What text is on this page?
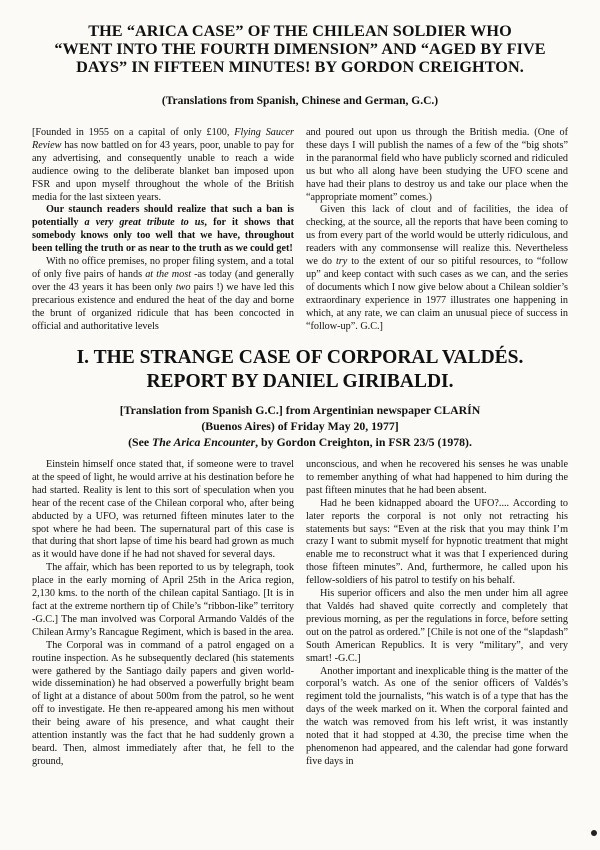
THE “ARICA CASE” OF THE CHILEAN SOLDIER WHO
“WENT INTO THE FOURTH DIMENSION” AND “AGED BY FIVE
DAYS” IN FIFTEEN MINUTES! BY GORDON CREIGHTON.
(Translations from Spanish, Chinese and German, G.C.)

[Founded in 1955 on a capital of only £100, Flying Saucer Review has now battled on for 43 years, poor, unable to pay for any advertising, and consequently unable to reach a wide audience owing to the deliberate blanket ban imposed upon FSR and upon myself throughout the whole of the British media for the last sixteen years.

Our staunch readers should realize that such a ban is potentially a very great tribute to us, for it shows that somebody knows only too well that we have, throughout been telling the truth or as near to the truth as we could get!

With no office premises, no proper filing system, and a total of only five pairs of hands at the most -as today (and generally over the 43 years it has been only two pairs !) we have led this precarious existence and endured the heat of the day and borne the brunt of organized ridicule that has been concocted in official and authoritative levels

and poured out upon us through the British media. (One of these days I will publish the names of a few of the “big shots” in the paranormal field who have publicly scorned and ridiculed us but who all along have been studying the UFO scene and have had their plans to destroy us and take our place when the “appropriate moment” comes.)

Given this lack of clout and of facilities, the idea of checking, at the source, all the reports that have been coming to us from every part of the world would be utterly ridiculous, and readers with any commonsense will realize this. Nevertheless we do try to the extent of our so pitiful resources, to “follow up” and keep contact with such cases as we can, and the series of documents which I now give below about a Chilean soldier’s extraordinary experience in 1977 illustrates one happening in which, at any rate, we can claim an unusual piece of success in “follow-up”. G.C.]

I. THE STRANGE CASE OF CORPORAL VALDÉS.
REPORT BY DANIEL GIRIBALDI.
[Translation from Spanish G.C.] from Argentinian newspaper CLARÍN
(Buenos Aires) of Friday May 20, 1977]
(See The Arica Encounter, by Gordon Creighton, in FSR 23/5 (1978).

Einstein himself once stated that, if someone were to travel at the speed of light, he would arrive at his destination before he had started. Reality is lent to this sort of speculation when you hear of the recent case of the Chilean corporal who, after being abducted by a UFO, was returned fifteen minutes later to the spot where he had been. The supernatural part of this case is that during that short lapse of time his beard had grown as much as it would have done if he had not shaved for several days.

The affair, which has been reported to us by telegraph, took place in the early morning of April 25th in the Arica region, 2,130 kms. to the north of the chilean capital Santiago. [It is in fact at the extreme northern tip of Chile’s “ribbon-like” territory -G.C.] The man involved was Corporal Armando Valdés of the Chilean Army’s Rancague Regiment, which is based in the area.

The Corporal was in command of a patrol engaged on a routine inspection. As he subsequently declared (his statements were gathered by the Santiago daily papers and given world-wide dissemination) he had observed a powerfully bright beam of light at a distance of about 500m from the patrol, so he went off to investigate. He then re-appeared among his men without their being aware of his presence, and what caught their attention instantly was the fact that he had suddenly grown a beard. Then, almost immediately after that, he fell to the ground,

unconscious, and when he recovered his senses he was unable to remember anything of what had happened to him during the past fifteen minutes that he had been absent.

Had he been kidnapped aboard the UFO?.... According to later reports the corporal is not only not retracting his statements but says: “Even at the risk that you may think I’m crazy I want to submit myself for hypnotic treatment that might enable me to reconstruct what it was that I experienced during those fifteen minutes”. And, furthermore, he called upon his fellow-soldiers of his patrol to testify on his behalf.

His superior officers and also the men under him all agree that Valdés had shaved quite correctly and completely that previous morning, as per the regulations in force, before setting out on the patrol as ordered.” [Chile is not one of the “slapdash” South American Republics. It is very “military”, and very smart! -G.C.]

Another important and inexplicable thing is the matter of the corporal’s watch. As one of the senior officers of Valdés’s regiment told the journalists, “his watch is of a type that has the days of the week marked on it. When the corporal fainted and the watch was removed from his left wrist, it was instantly noted that it had stopped at 4.30, the precise time when the phenomenon had appeared, and the calendar had gone forward five days in
